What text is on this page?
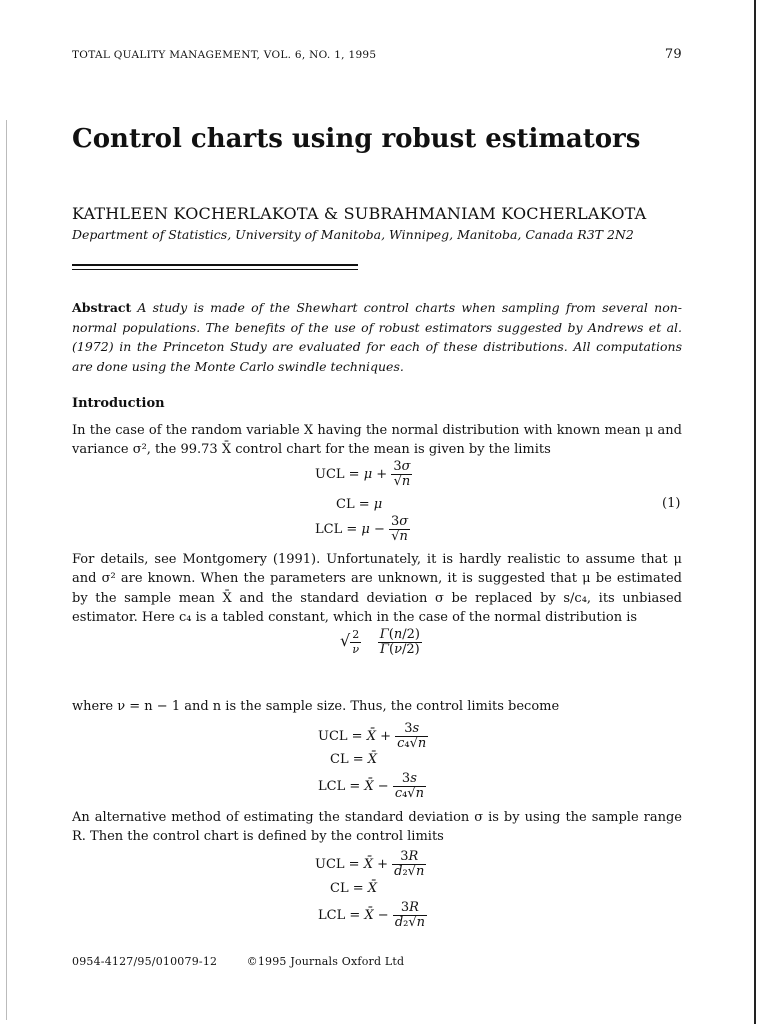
TOTAL QUALITY MANAGEMENT, VOL. 6, NO. 1, 1995	79
Control charts using robust estimators
KATHLEEN KOCHERLAKOTA & SUBRAHMANIAM KOCHERLAKOTA
Department of Statistics, University of Manitoba, Winnipeg, Manitoba, Canada R3T 2N2
Abstract A study is made of the Shewhart control charts when sampling from several non-normal populations. The benefits of the use of robust estimators suggested by Andrews et al. (1972) in the Princeton Study are evaluated for each of these distributions. All computations are done using the Monte Carlo swindle techniques.
Introduction

In the case of the random variable X having the normal distribution with known mean μ and variance σ², the 99.73 X̄ control chart for the mean is given by the limits

UCL = $\mu + \frac{3\sigma}{√n}$
CL = μ
LCL = $\mu - \frac{3\sigma}{√n}$
(1)

For details, see Montgomery (1991). Unfortunately, it is hardly realistic to assume that μ and σ² are known. When the parameters are unknown, it is suggested that μ be estimated by the sample mean X̄ and the standard deviation σ be replaced by s/c₄, its unbiased estimator. Here c₄ is a tabled constant, which in the case of the normal distribution is

√ $\frac{2}{\nu}$
$\frac{\Gamma(n/2)}{\Gamma(\nu/2)}$

where ν = n − 1 and n is the sample size. Thus, the control limits become

UCL = X̄ + $\frac{3s}{\text{c₄√n}}$
CL = X̄
LCL = X̄ − $\frac{3s}{\text{c₄√n}}$

An alternative method of estimating the standard deviation σ is by using the sample range R. Then the control chart is defined by the control limits

UCL = X̄ + $\frac{3R}{\text{d₂√n}}$
CL = X̄
LCL = X̄ − $\frac{3R}{\text{d₂√n}}$
0954-4127/95/010079-12	©1995 Journals Oxford Ltd
